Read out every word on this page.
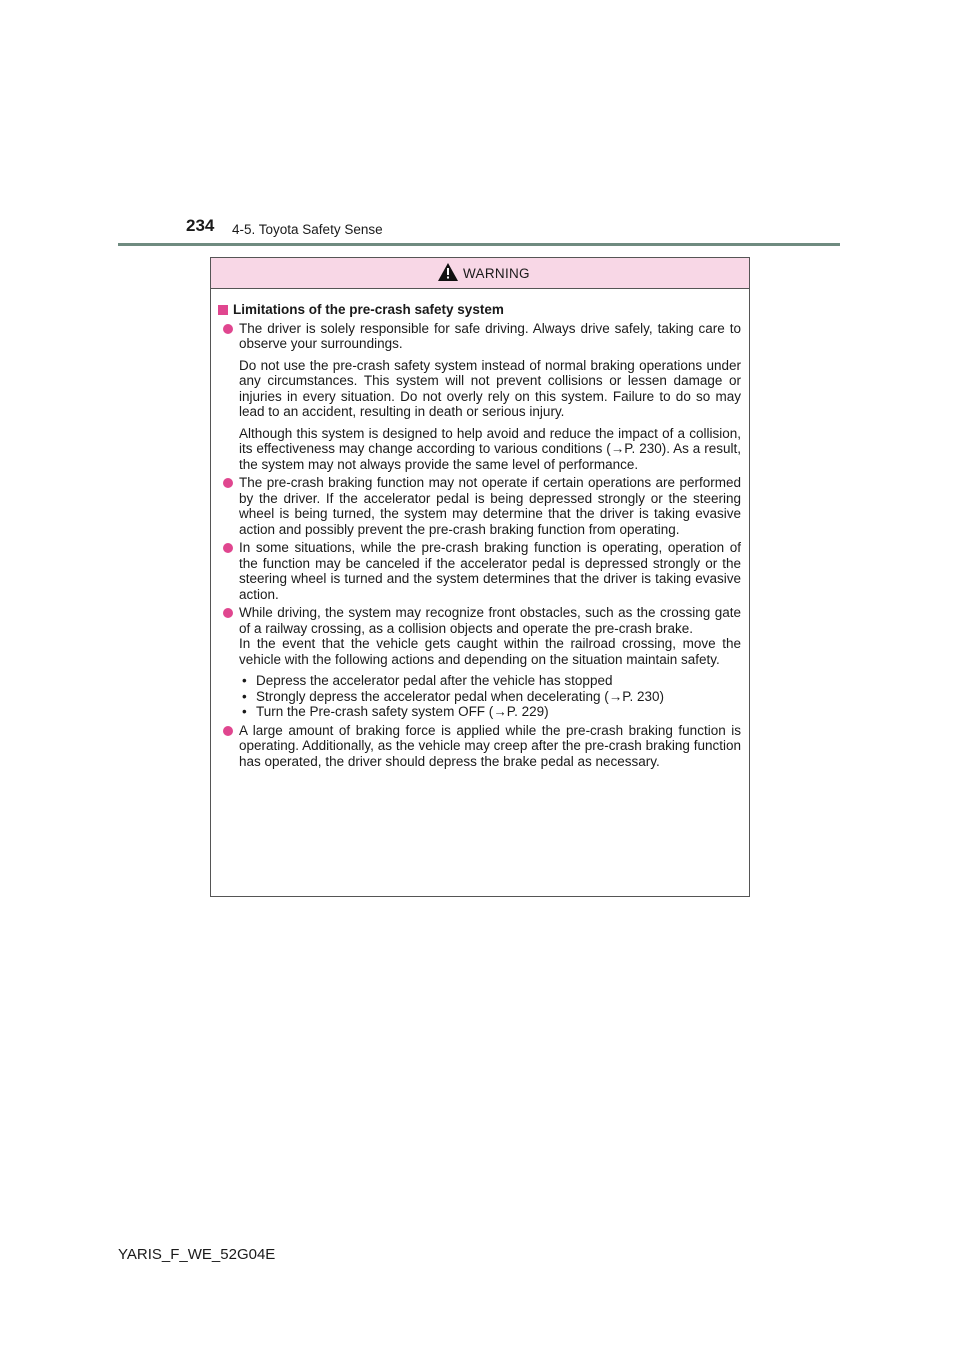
234 4-5. Toyota Safety Sense
WARNING
Limitations of the pre-crash safety system

The driver is solely responsible for safe driving. Always drive safely, taking care to observe your surroundings.

Do not use the pre-crash safety system instead of normal braking operations under any circumstances. This system will not prevent collisions or lessen damage or injuries in every situation. Do not overly rely on this system. Failure to do so may lead to an accident, resulting in death or serious injury.

Although this system is designed to help avoid and reduce the impact of a collision, its effectiveness may change according to various conditions (→P. 230). As a result, the system may not always provide the same level of performance.

The pre-crash braking function may not operate if certain operations are performed by the driver. If the accelerator pedal is being depressed strongly or the steering wheel is being turned, the system may determine that the driver is taking evasive action and possibly prevent the pre-crash braking function from operating.

In some situations, while the pre-crash braking function is operating, operation of the function may be canceled if the accelerator pedal is depressed strongly or the steering wheel is turned and the system determines that the driver is taking evasive action.

While driving, the system may recognize front obstacles, such as the crossing gate of a railway crossing, as a collision objects and operate the pre-crash brake.

In the event that the vehicle gets caught within the railroad crossing, move the vehicle with the following actions and depending on the situation maintain safety.

• Depress the accelerator pedal after the vehicle has stopped
• Strongly depress the accelerator pedal when decelerating (→P. 230)
• Turn the Pre-crash safety system OFF (→P. 229)

A large amount of braking force is applied while the pre-crash braking function is operating. Additionally, as the vehicle may creep after the pre-crash braking function has operated, the driver should depress the brake pedal as necessary.

YARIS_F_WE_52G04E
